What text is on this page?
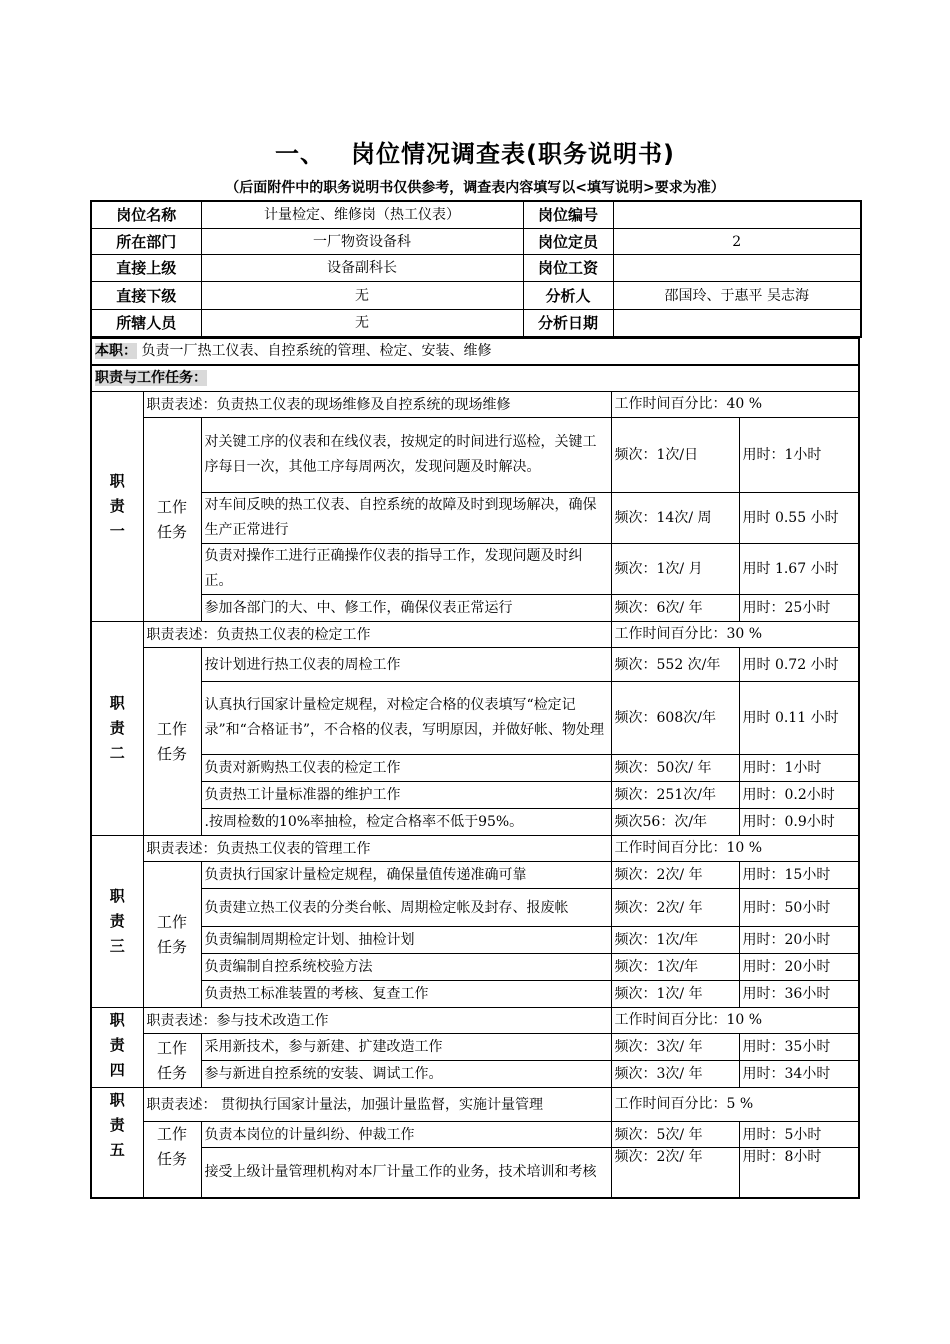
一、 岗位情况调查表(职务说明书)
（后面附件中的职务说明书仅供参考，调查表内容填写以<填写说明>要求为准）
岗位名称	计量检定、维修岗（热工仪表）	岗位编号	
所在部门	一厂物资设备科	岗位定员	2
直接上级	设备副科长	岗位工资	
直接下级	无	分析人	邵国玲、于惠平 吴志海
所辖人员	无	分析日期	
本职： 负责一厂热工仪表、自控系统的管理、检定、安装、维修				
职责与工作任务：				

职责一	职责表述：负责热工仪表的现场维修及自控系统的现场维修		工作时间百分比：40 %	

	工作任务	对关键工序的仪表和在线仪表，按规定的时间进行巡检，关键工序每日一次，其他工序每周两次，发现问题及时解决。	频次：1次/日	用时：1小时
		对车间反映的热工仪表、自控系统的故障及时到现场解决，确保生产正常进行	频次：14次/ 周	用时 0.55 小时
		负责对操作工进行正确操作仪表的指导工作，发现问题及时纠正。	频次：1次/ 月	用时 1.67 小时
		参加各部门的大、中、修工作，确保仪表正常运行	频次：6次/ 年	用时：25小时

职责二	职责表述：负责热工仪表的检定工作		工作时间百分比：30 %	

	工作任务	按计划进行热工仪表的周检工作	频次：552 次/年	用时 0.72 小时
		认真执行国家计量检定规程，对检定合格的仪表填写“检定记录”和“合格证书”，不合格的仪表，写明原因，并做好帐、物处理	频次：608次/年	用时 0.11 小时
		负责对新购热工仪表的检定工作	频次：50次/ 年	用时：1小时
		负责热工计量标准器的维护工作	频次：251次/年	用时：0.2小时
		.按周检数的10%率抽检，检定合格率不低于95%。	频次56：次/年	用时：0.9小时

职责三	职责表述：负责热工仪表的管理工作		工作时间百分比：10 %	

	工作任务	负责执行国家计量检定规程，确保量值传递准确可靠	频次：2次/ 年	用时：15小时
		负责建立热工仪表的分类台帐、周期检定帐及封存、报废帐	频次：2次/ 年	用时：50小时
		负责编制周期检定计划、抽检计划	频次：1次/年	用时：20小时
		负责编制自控系统校验方法	频次：1次/年	用时：20小时
		负责热工标准装置的考核、复查工作	频次：1次/ 年	用时：36小时

职责四	职责表述：参与技术改造工作		工作时间百分比：10 %	

	工作任务	采用新技术，参与新建、扩建改造工作	频次：3次/ 年	用时：35小时
		参与新进自控系统的安装、调试工作。	频次：3次/ 年	用时：34小时

职责五	职责表述： 贯彻执行国家计量法，加强计量监督，实施计量管理		工作时间百分比：5 %	

	工作任务	负责本岗位的计量纠纷、仲裁工作	频次：5次/ 年	用时：5小时
		接受上级计量管理机构对本厂计量工作的业务，技术培训和考核	频次：2次/ 年	用时：8小时
